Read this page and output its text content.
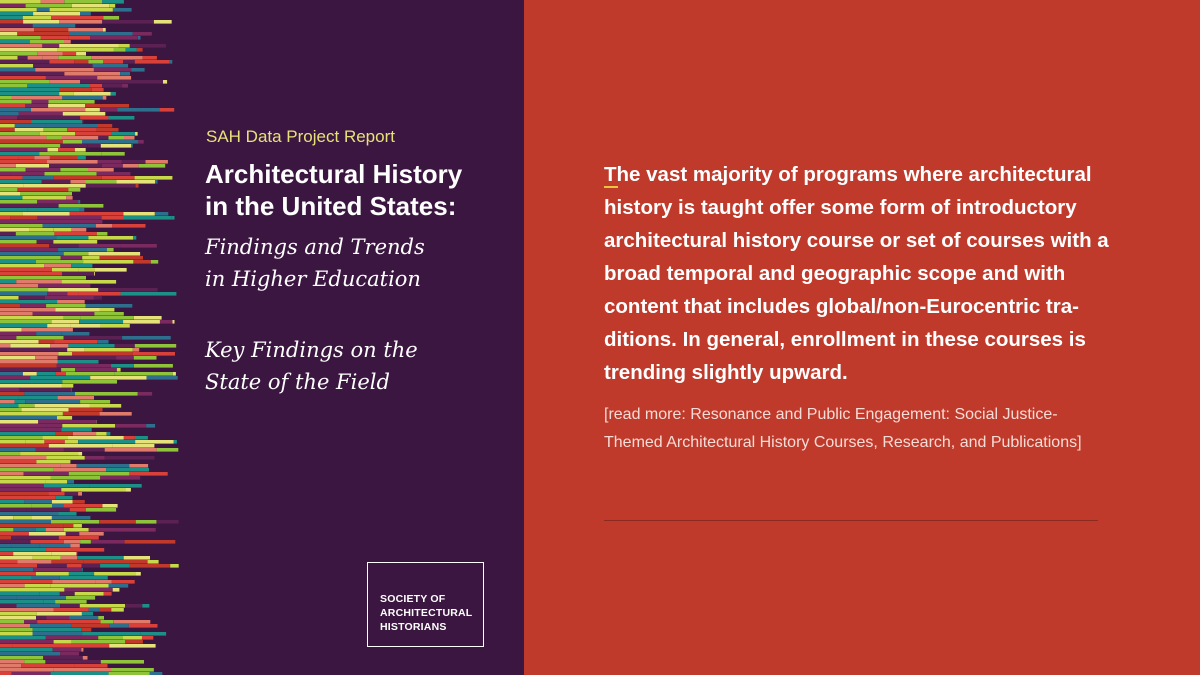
SAH Data Project Report
Architectural History
in the United States:
Findings and Trends
in Higher Education
Key Findings on the
State of the Field
SOCIETY OF
ARCHITECTURAL
HISTORIANS

The vast majority of programs where architectural history is taught offer some form of introductory architectural history course or set of courses with a broad temporal and geographic scope and with content that includes global/non-Eurocentric traditions. In general, enrollment in these courses is trending slightly upward.

[read more: Resonance and Public Engagement: Social Justice-Themed Architectural History Courses, Research, and Publications]
